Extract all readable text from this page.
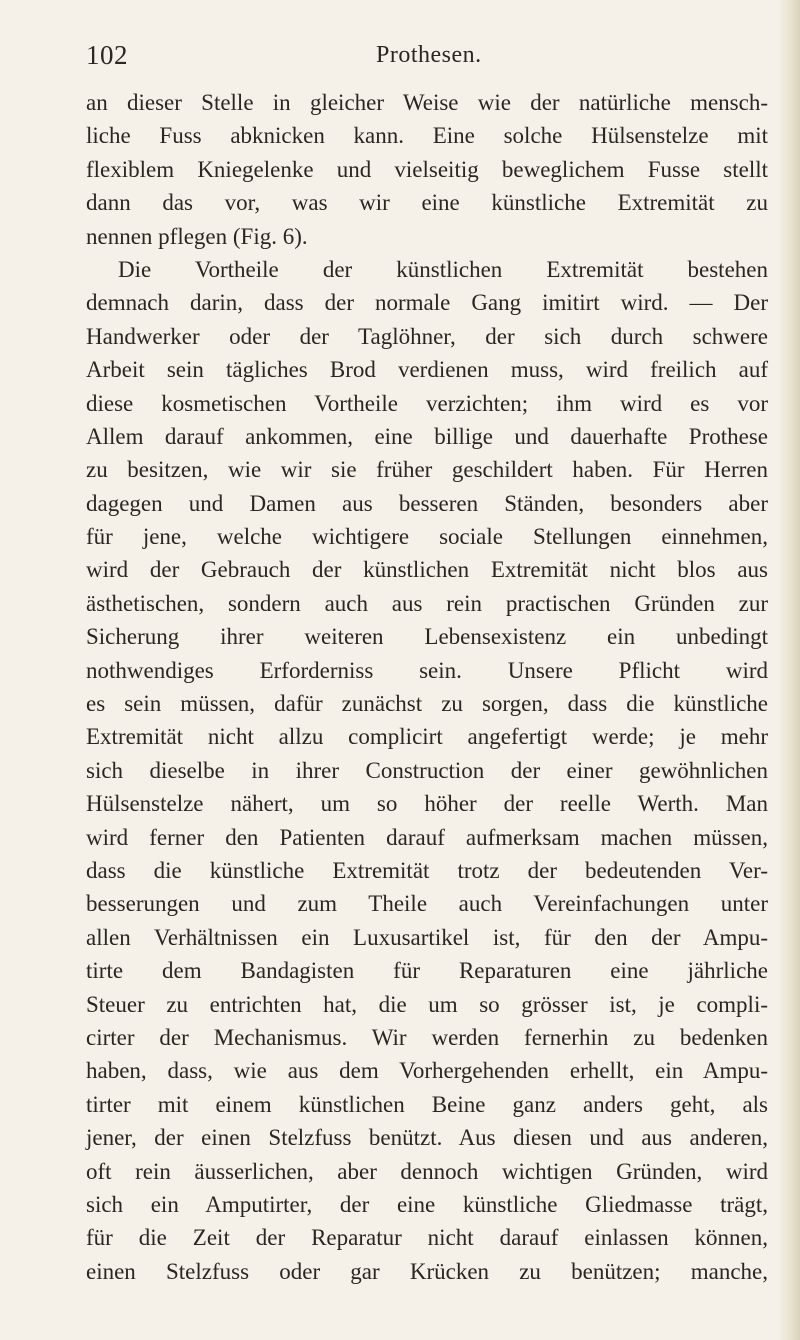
102	Prothesen.
an dieser Stelle in gleicher Weise wie der natürliche mensch-
liche Fuss abknicken kann. Eine solche Hülsenstelze mit
flexiblem Kniegelenke und vielseitig beweglichem Fusse stellt
dann das vor, was wir eine künstliche Extremität zu
nennen pflegen (Fig. 6).
Die Vortheile der künstlichen Extremität bestehen
demnach darin, dass der normale Gang imitirt wird. — Der
Handwerker oder der Taglöhner, der sich durch schwere
Arbeit sein tägliches Brod verdienen muss, wird freilich auf
diese kosmetischen Vortheile verzichten; ihm wird es vor
Allem darauf ankommen, eine billige und dauerhafte Prothese
zu besitzen, wie wir sie früher geschildert haben. Für Herren
dagegen und Damen aus besseren Ständen, besonders aber
für jene, welche wichtigere sociale Stellungen einnehmen,
wird der Gebrauch der künstlichen Extremität nicht blos aus
ästhetischen, sondern auch aus rein practischen Gründen zur
Sicherung ihrer weiteren Lebensexistenz ein unbedingt
nothwendiges Erforderniss sein. Unsere Pflicht wird
es sein müssen, dafür zunächst zu sorgen, dass die künstliche
Extremität nicht allzu complicirt angefertigt werde; je mehr
sich dieselbe in ihrer Construction der einer gewöhnlichen
Hülsenstelze nähert, um so höher der reelle Werth. Man
wird ferner den Patienten darauf aufmerksam machen müssen,
dass die künstliche Extremität trotz der bedeutenden Ver-
besserungen und zum Theile auch Vereinfachungen unter
allen Verhältnissen ein Luxusartikel ist, für den der Ampu-
tirte dem Bandagisten für Reparaturen eine jährliche
Steuer zu entrichten hat, die um so grösser ist, je compli-
cirter der Mechanismus. Wir werden fernerhin zu bedenken
haben, dass, wie aus dem Vorhergehenden erhellt, ein Ampu-
tirter mit einem künstlichen Beine ganz anders geht, als
jener, der einen Stelzfuss benützt. Aus diesen und aus anderen,
oft rein äusserlichen, aber dennoch wichtigen Gründen, wird
sich ein Amputirter, der eine künstliche Gliedmasse trägt,
für die Zeit der Reparatur nicht darauf einlassen können,
einen Stelzfuss oder gar Krücken zu benützen; manche,
